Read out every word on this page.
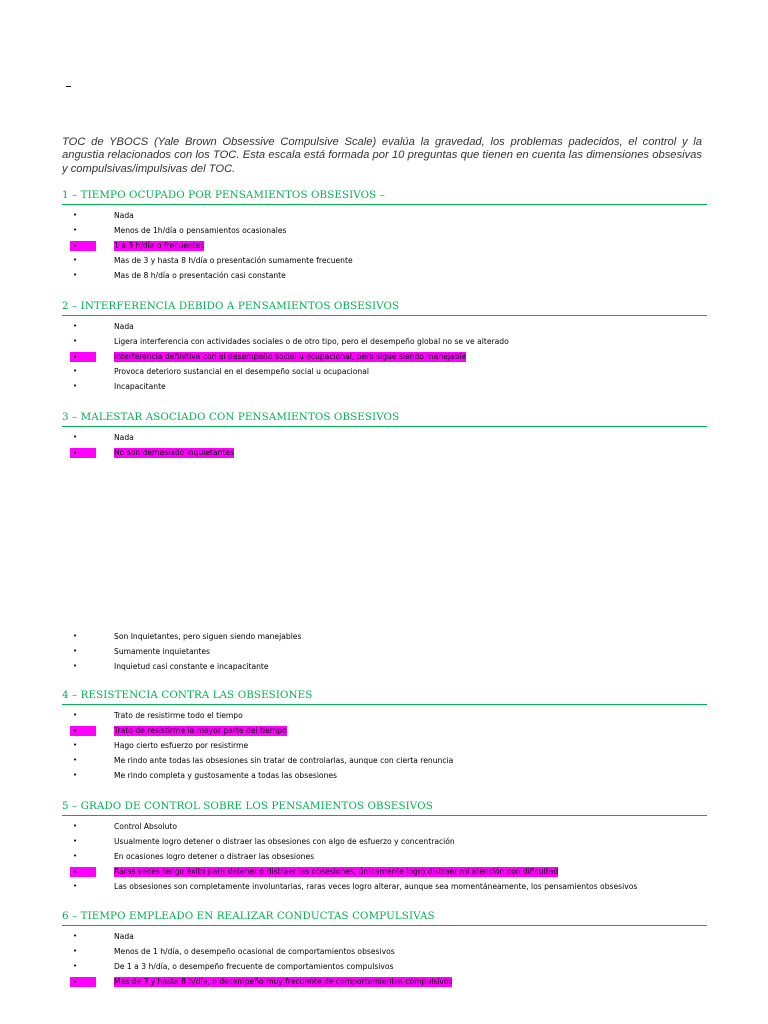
TOC de YBOCS (Yale Brown Obsessive Compulsive Scale) evalúa la gravedad, los problemas padecidos, el control y la angustia relacionados con los TOC. Esta escala está formada por 10 preguntas que tienen en cuenta las dimensiones obsesivas y compulsivas/impulsivas del TOC.

1 – TIEMPO OCUPADO POR PENSAMIENTOS OBSESIVOS –
•	Nada
•	Menos de 1h/día o pensamientos ocasionales
•	1 a 3 h/día o frecuentes
•	Mas de 3 y hasta 8 h/día o presentación sumamente frecuente
•	Mas de 8 h/día o presentación casi constante
2 – INTERFERENCIA DEBIDO A PENSAMIENTOS OBSESIVOS
•	Nada
•	Ligera interferencia con actividades sociales o de otro tipo, pero el desempeño global no se ve alterado
•	Interferencia definitiva con el desempeño social u ocupacional, pero sigue siendo manejable
•	Provoca deterioro sustancial en el desempeño social u ocupacional
•	Incapacitante
3 – MALESTAR ASOCIADO CON PENSAMIENTOS OBSESIVOS
•	Nada
•	No son demasiado inquietantes
•	Son Inquietantes, pero siguen siendo manejables
•	Sumamente inquietantes
•	Inquietud casi constante e incapacitante
4 – RESISTENCIA CONTRA LAS OBSESIONES
•	Trato de resistirme todo el tiempo
•	Trato de resistirme la mayor parte del tiempo
•	Hago cierto esfuerzo por resistirme
•	Me rindo ante todas las obsesiones sin tratar de controlarlas, aunque con cierta renuncia
•	Me rindo completa y gustosamente a todas las obsesiones
5 – GRADO DE CONTROL SOBRE LOS PENSAMIENTOS OBSESIVOS
•	Control Absoluto
•	Usualmente logro detener o distraer las obsesiones con algo de esfuerzo y concentración
•	En ocasiones logro detener o distraer las obsesiones
•	Raras veces tengo éxito para detener o distraer las obsesiones, únicamente logro distraer mi atención con dificultad
•	Las obsesiones son completamente involuntarias, raras veces logro alterar, aunque sea momentáneamente, los pensamientos obsesivos
6 – TIEMPO EMPLEADO EN REALIZAR CONDUCTAS COMPULSIVAS
•	Nada
•	Menos de 1 h/día, o desempeño ocasional de comportamientos obsesivos
•	De 1 a 3 h/día, o desempeño frecuente de comportamientos compulsivos
•	Mas de 3 y hasta 8 h/día, o desempeño muy frecuente de comportamientos compulsivos
